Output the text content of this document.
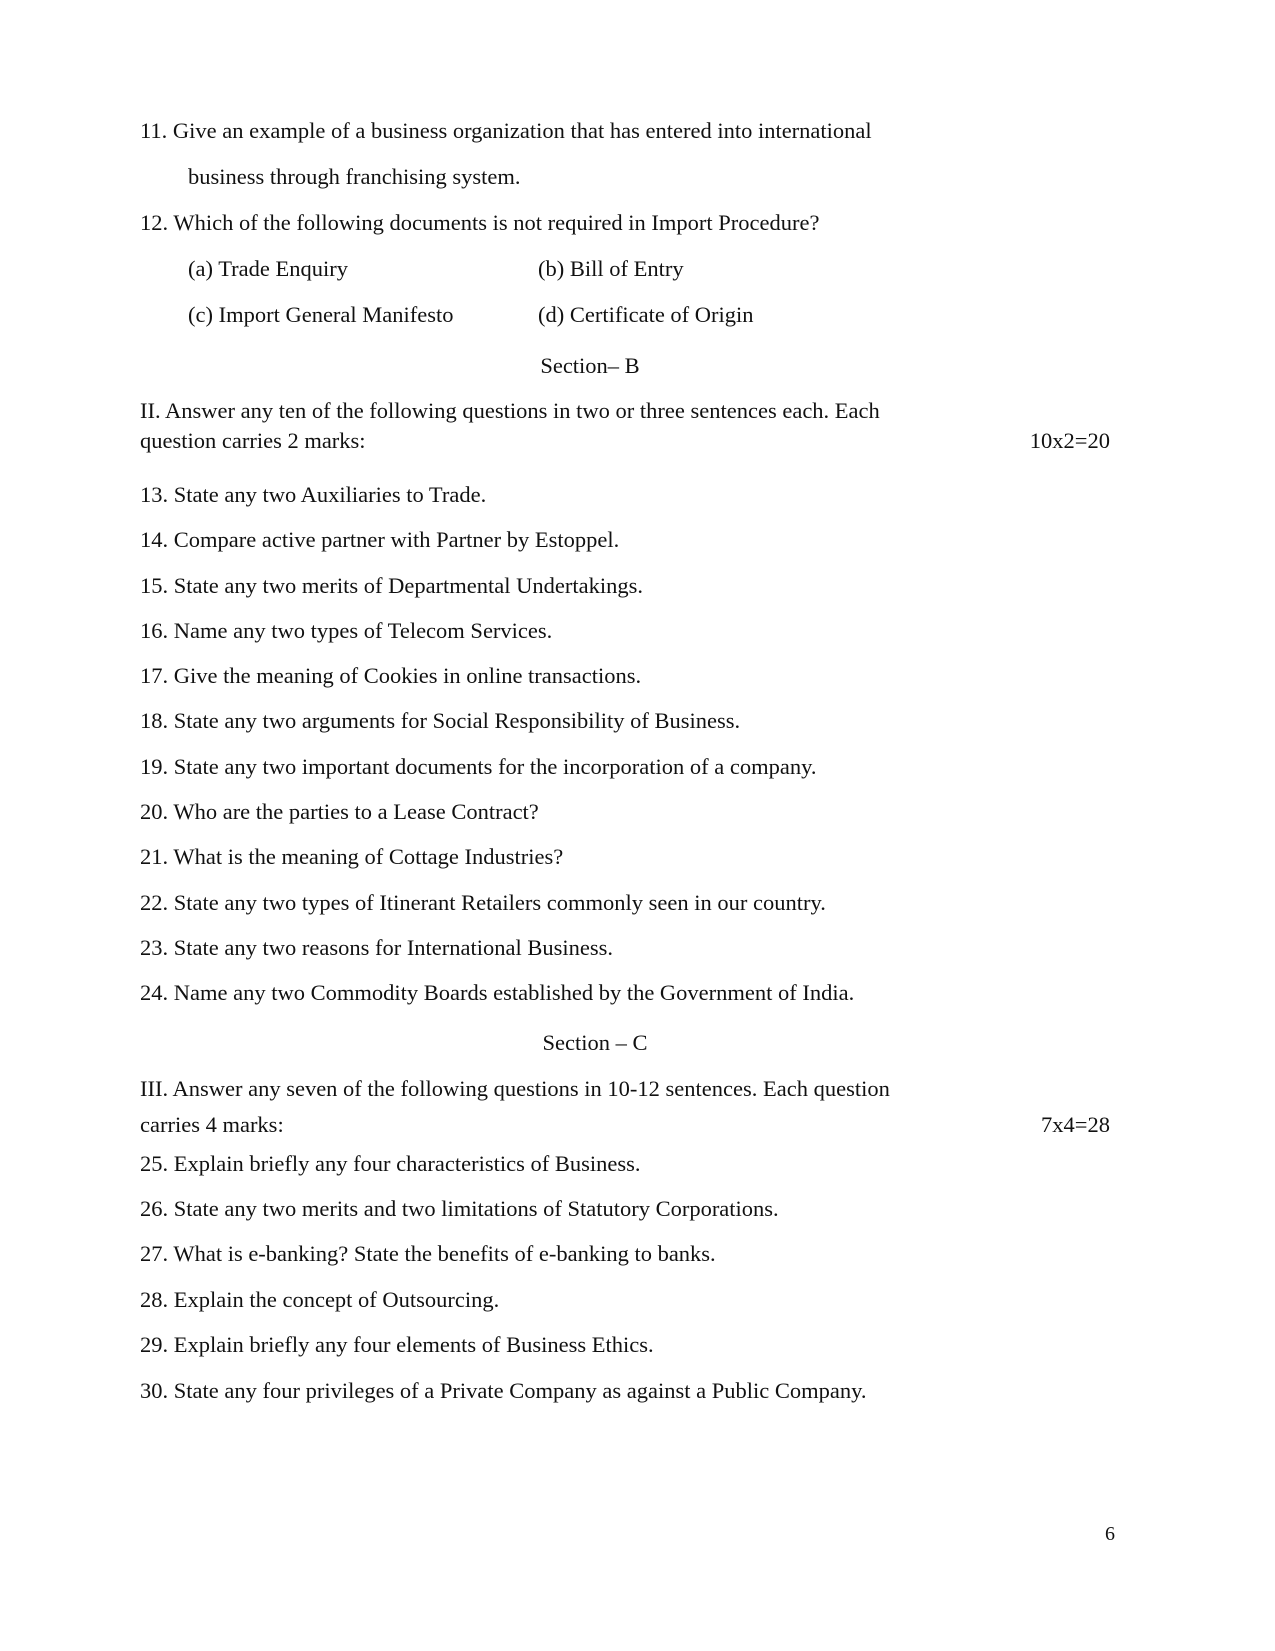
11. Give an example of a business organization that has entered into international
business through franchising system.
12. Which of the following documents is not required in Import Procedure?
(a) Trade Enquiry	(b) Bill of Entry
(c) Import General Manifesto	(d) Certificate of Origin
Section– B
II. Answer any ten of the following questions in two or three sentences each. Each
question carries 2 marks:	10x2=20
13. State any two Auxiliaries to Trade.
14. Compare active partner with Partner by Estoppel.
15. State any two merits of Departmental Undertakings.
16. Name any two types of Telecom Services.
17. Give the meaning of Cookies in online transactions.
18. State any two arguments for Social Responsibility of Business.
19. State any two important documents for the incorporation of a company.
20. Who are the parties to a Lease Contract?
21. What is the meaning of Cottage Industries?
22. State any two types of Itinerant Retailers commonly seen in our country.
23. State any two reasons for International Business.
24. Name any two Commodity Boards established by the Government of India.
Section – C
III. Answer any seven of the following questions in 10-12 sentences. Each question
carries 4 marks:	7x4=28
25. Explain briefly any four characteristics of Business.
26. State any two merits and two limitations of Statutory Corporations.
27. What is e-banking? State the benefits of e-banking to banks.
28. Explain the concept of Outsourcing.
29. Explain briefly any four elements of Business Ethics.
30. State any four privileges of a Private Company as against a Public Company.
6
